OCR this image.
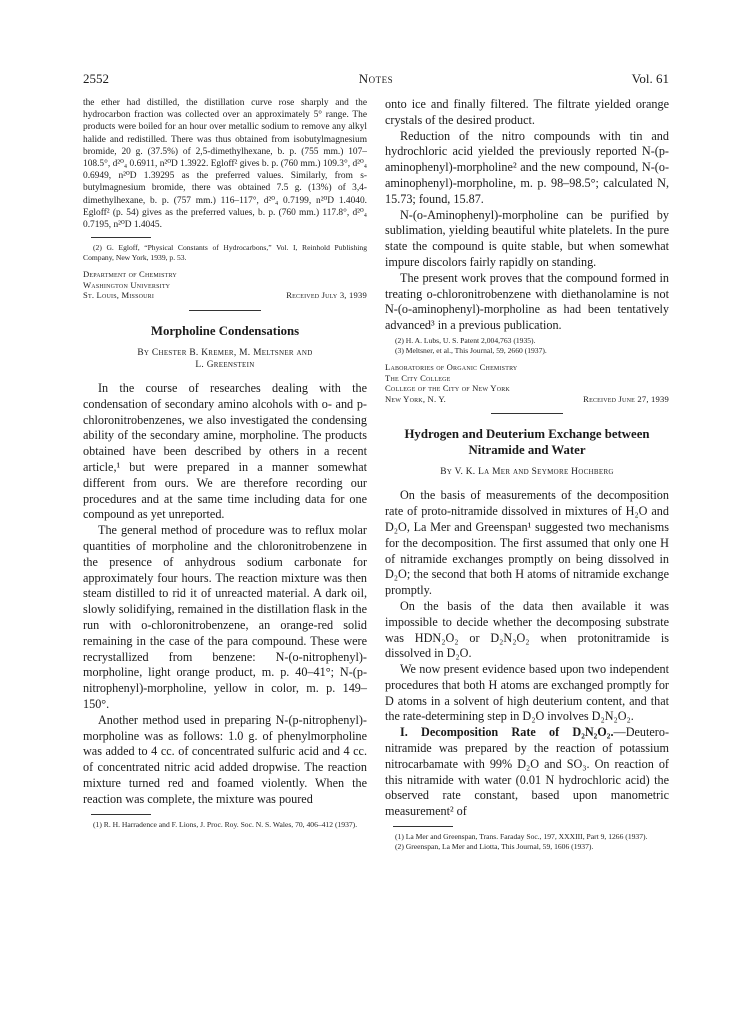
2552	Notes	Vol. 61

the ether had distilled, the distillation curve rose sharply and the hydrocarbon fraction was collected over an approximately 5° range. The products were boiled for an hour over metallic sodium to remove any alkyl halide and redistilled. There was thus obtained from isobutylmagnesium bromide, 20 g. (37.5%) of 2,5-dimethylhexane, b. p. (755 mm.) 107–108.5°, d²⁰₄ 0.6911, n²⁰D 1.3922. Egloff² gives b. p. (760 mm.) 109.3°, d²⁰₄ 0.6949, n²⁰D 1.39295 as the preferred values. Similarly, from s-butylmagnesium bromide, there was obtained 7.5 g. (13%) of 3,4-dimethylhexane, b. p. (757 mm.) 116–117°, d²⁰₄ 0.7199, n²⁰D 1.4040. Egloff² (p. 54) gives as the preferred values, b. p. (760 mm.) 117.8°, d²⁰₄ 0.7195, n²⁰D 1.4045.

(2) G. Egloff, “Physical Constants of Hydrocarbons,” Vol. I, Reinhold Publishing Company, New York, 1939, p. 53.

Department of Chemistry
Washington University
St. Louis, Missouri	Received July 3, 1939
Morpholine Condensations
By Chester B. Kremer, M. Meltsner and
L. Greenstein

In the course of researches dealing with the condensation of secondary amino alcohols with o- and p-chloronitrobenzenes, we also investigated the condensing ability of the secondary amine, morpholine. The products obtained have been described by others in a recent article,¹ but were prepared in a manner somewhat different from ours. We are therefore recording our procedures and at the same time including data for one compound as yet unreported.

The general method of procedure was to reflux molar quantities of morpholine and the chloronitrobenzene in the presence of anhydrous sodium carbonate for approximately four hours. The reaction mixture was then steam distilled to rid it of unreacted material. A dark oil, slowly solidifying, remained in the distillation flask in the run with o-chloronitrobenzene, an orange-red solid remaining in the case of the para compound. These were recrystallized from benzene: N-(o-nitrophenyl)-morpholine, light orange product, m. p. 40–41°; N-(p-nitrophenyl)-morpholine, yellow in color, m. p. 149–150°.

Another method used in preparing N-(p-nitrophenyl)-morpholine was as follows: 1.0 g. of phenylmorpholine was added to 4 cc. of concentrated sulfuric acid and 4 cc. of concentrated nitric acid added dropwise. The reaction mixture turned red and foamed violently. When the reaction was complete, the mixture was poured

(1) R. H. Harradence and F. Lions, J. Proc. Roy. Soc. N. S. Wales, 70, 406–412 (1937).

onto ice and finally filtered. The filtrate yielded orange crystals of the desired product.

Reduction of the nitro compounds with tin and hydrochloric acid yielded the previously reported N-(p-aminophenyl)-morpholine² and the new compound, N-(o-aminophenyl)-morpholine, m. p. 98–98.5°; calculated N, 15.73; found, 15.87.

N-(o-Aminophenyl)-morpholine can be purified by sublimation, yielding beautiful white platelets. In the pure state the compound is quite stable, but when somewhat impure discolors fairly rapidly on standing.

The present work proves that the compound formed in treating o-chloronitrobenzene with diethanolamine is not N-(o-aminophenyl)-morpholine as had been tentatively advanced³ in a previous publication.

(2) H. A. Lubs, U. S. Patent 2,004,763 (1935).

(3) Meltsner, et al., This Journal, 59, 2660 (1937).

Laboratories of Organic Chemistry
The City College
College of the City of New York
New York, N. Y.	Received June 27, 1939
Hydrogen and Deuterium Exchange between
Nitramide and Water
By V. K. La Mer and Seymore Hochberg

On the basis of measurements of the decomposition rate of proto-nitramide dissolved in mixtures of H₂O and D₂O, La Mer and Greenspan¹ suggested two mechanisms for the decomposition. The first assumed that only one H of nitramide exchanges promptly on being dissolved in D₂O; the second that both H atoms of nitramide exchange promptly.

On the basis of the data then available it was impossible to decide whether the decomposing substrate was HDN₂O₂ or D₂N₂O₂ when protonitramide is dissolved in D₂O.

We now present evidence based upon two independent procedures that both H atoms are exchanged promptly for D atoms in a solvent of high deuterium content, and that the rate-determining step in D₂O involves D₂N₂O₂.

I. Decomposition Rate of D₂N₂O₂.—Deutero-nitramide was prepared by the reaction of potassium nitrocarbamate with 99% D₂O and SO₃. On reaction of this nitramide with water (0.01 N hydrochloric acid) the observed rate constant, based upon manometric measurement² of

(1) La Mer and Greenspan, Trans. Faraday Soc., 197, XXXIII, Part 9, 1266 (1937).

(2) Greenspan, La Mer and Liotta, This Journal, 59, 1606 (1937).
